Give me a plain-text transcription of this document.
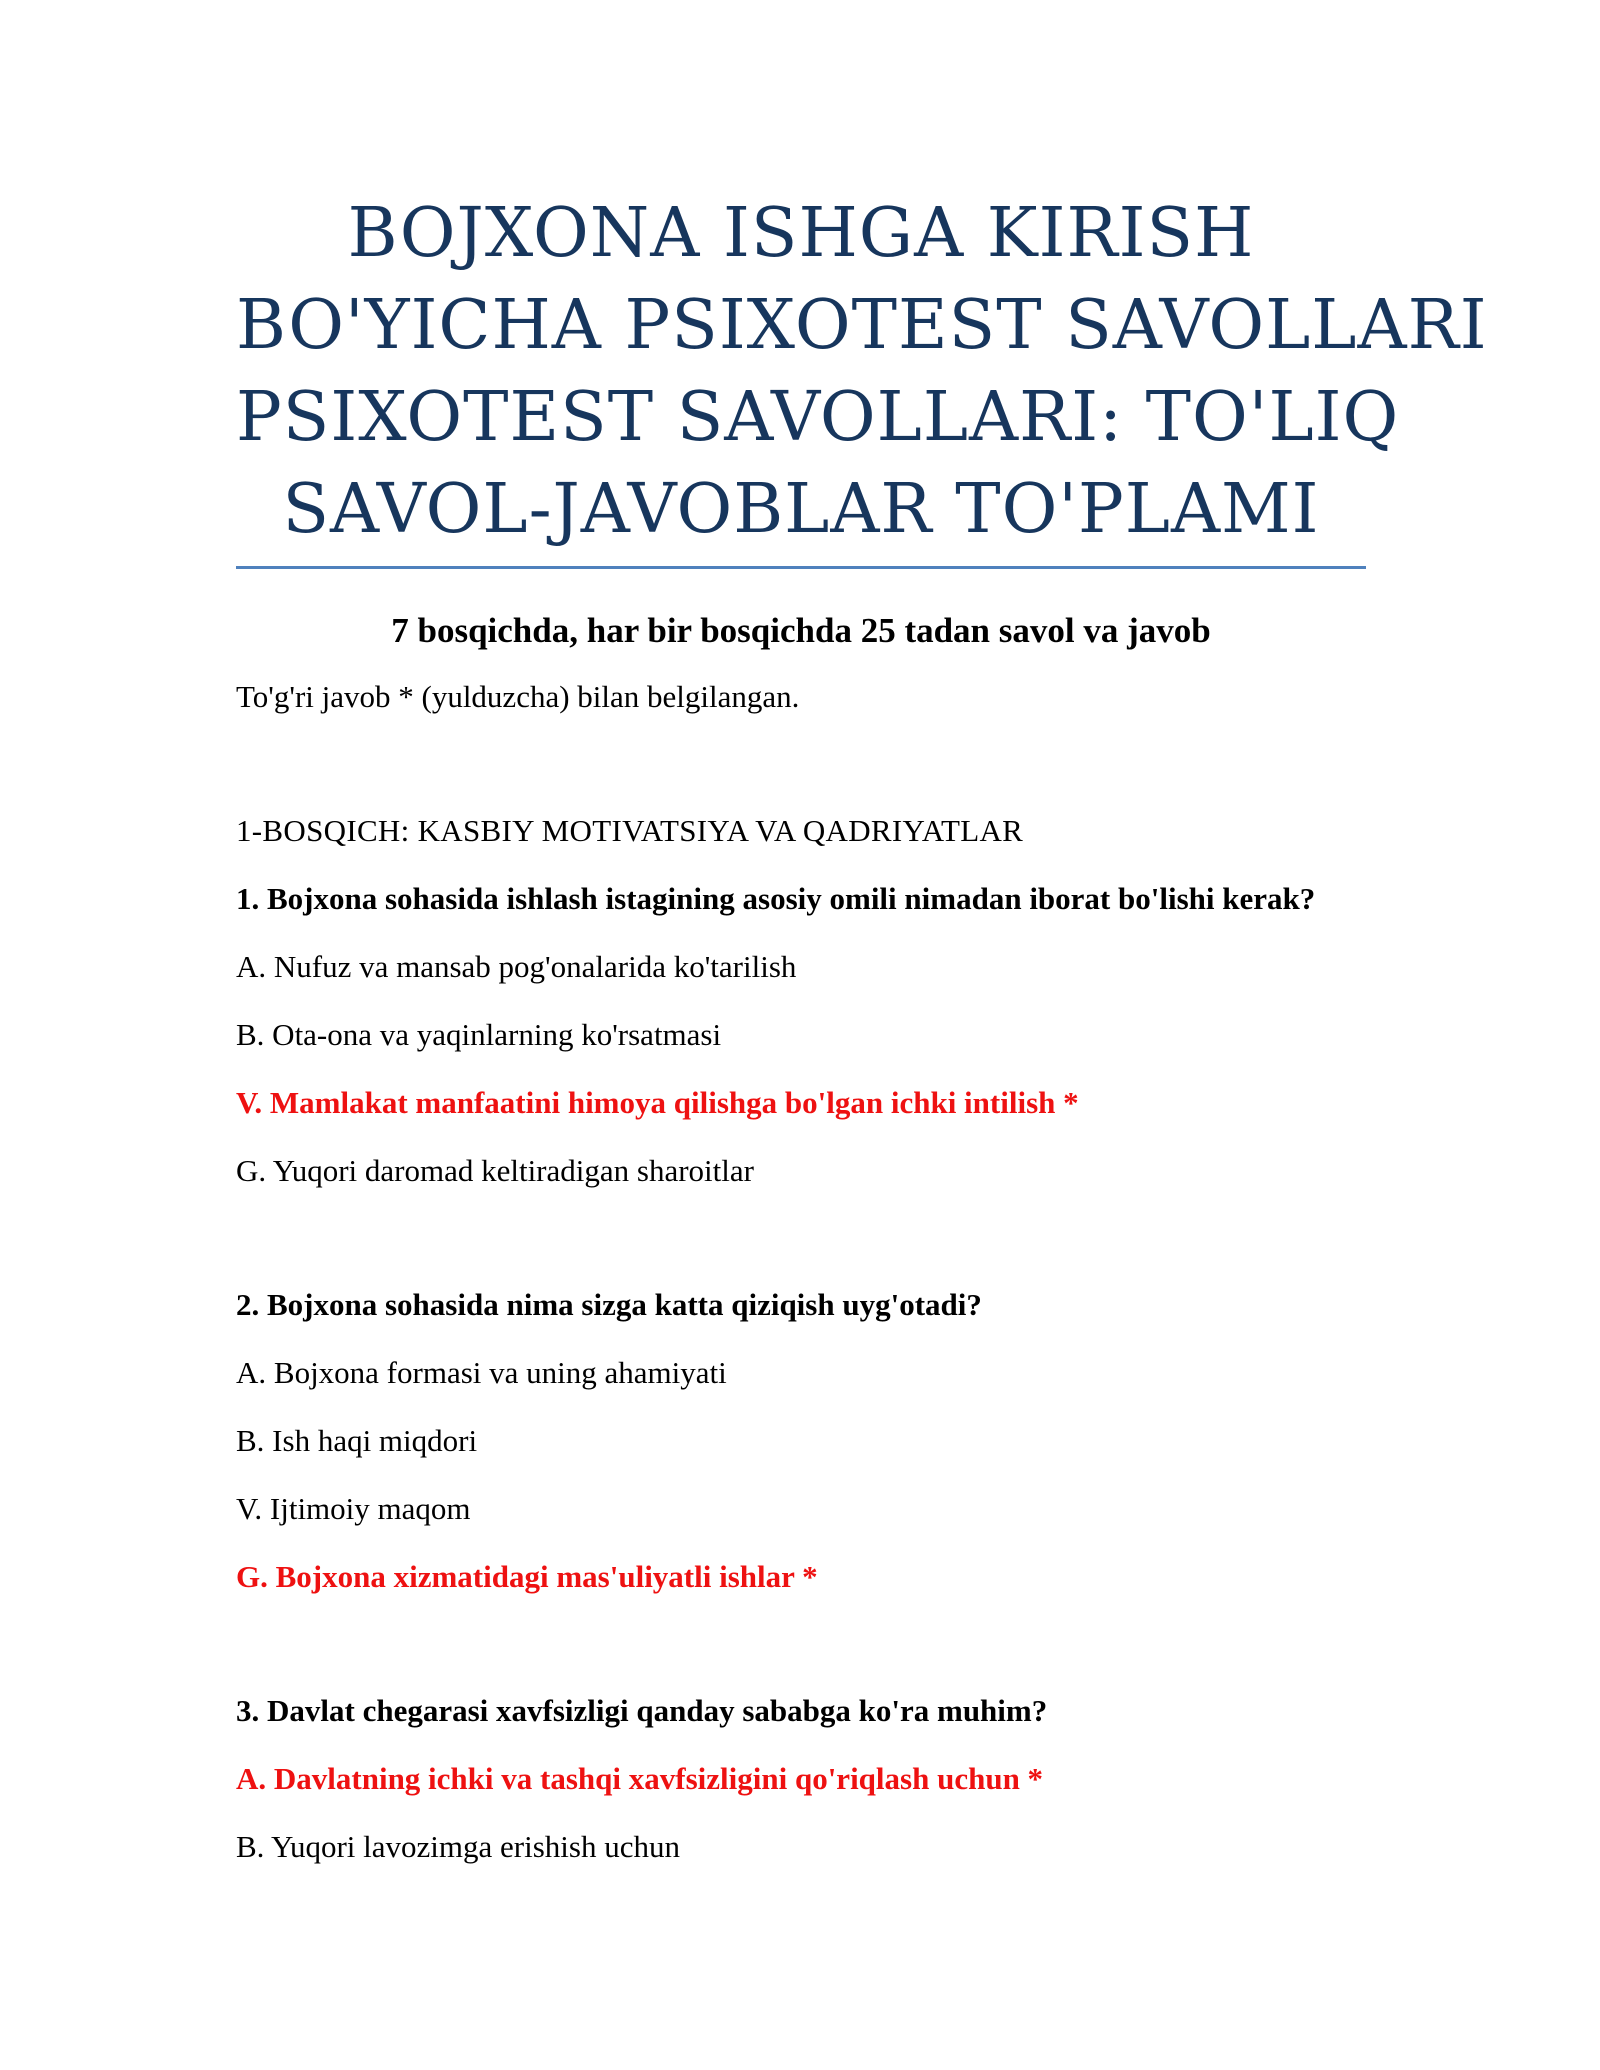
BOJXONA ISHGA KIRISH
BO'YICHA PSIXOTEST SAVOLLARI
PSIXOTEST SAVOLLARI: TO'LIQ
SAVOL-JAVOBLAR TO'PLAMI
7 bosqichda, har bir bosqichda 25 tadan savol va javob
To'g'ri javob * (yulduzcha) bilan belgilangan.
1-BOSQICH: KASBIY MOTIVATSIYA VA QADRIYATLAR
1. Bojxona sohasida ishlash istagining asosiy omili nimadan iborat bo'lishi kerak?
A. Nufuz va mansab pog'onalarida ko'tarilish
B. Ota-ona va yaqinlarning ko'rsatmasi
V. Mamlakat manfaatini himoya qilishga bo'lgan ichki intilish *
G. Yuqori daromad keltiradigan sharoitlar
2. Bojxona sohasida nima sizga katta qiziqish uyg'otadi?
A. Bojxona formasi va uning ahamiyati
B. Ish haqi miqdori
V. Ijtimoiy maqom
G. Bojxona xizmatidagi mas'uliyatli ishlar *
3. Davlat chegarasi xavfsizligi qanday sababga ko'ra muhim?
A. Davlatning ichki va tashqi xavfsizligini qo'riqlash uchun *
B. Yuqori lavozimga erishish uchun
